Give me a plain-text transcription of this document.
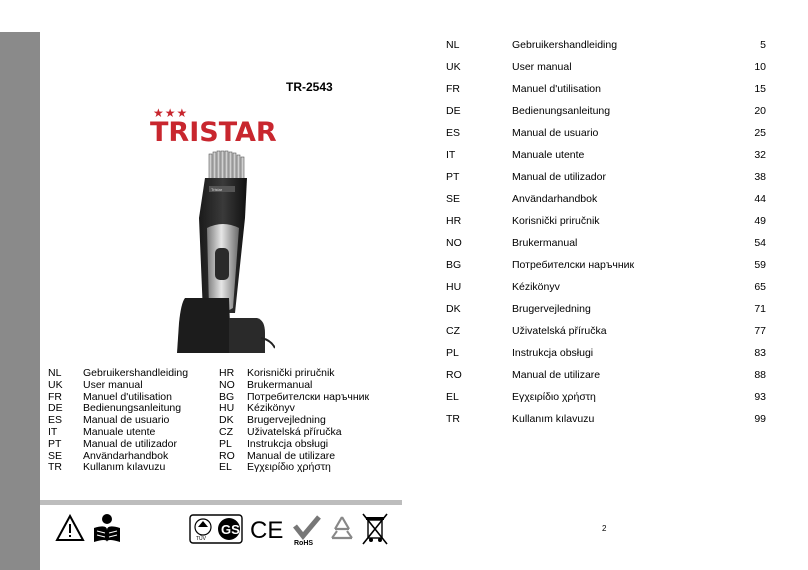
TR-2543
★★★
TRISTAR
Tristar
NL	Gebruikershandleiding	HR	Korisnički priručnik
UK	User manual	NO	Brukermanual
FR	Manuel d'utilisation	BG	Потребителски наръчник
DE	Bedienungsanleitung	HU	Kézikönyv
ES	Manual de usuario	DK	Brugervejledning
IT	Manuale utente	CZ	Uživatelská příručka
PT	Manual de utilizador	PL	Instrukcja obsługi
SE	Användarhandbok	RO	Manual de utilizare
TR	Kullanım kılavuzu	EL	Εγχειρίδιο χρήστη
TÜV
GS CE RoHS
NL	Gebruikershandleiding	5
UK	User manual	10
FR	Manuel d'utilisation	15
DE	Bedienungsanleitung	20
ES	Manual de usuario	25
IT	Manuale utente	32
PT	Manual de utilizador	38
SE	Användarhandbok	44
HR	Korisnički priručnik	49
NO	Brukermanual	54
BG	Потребителски наръчник	59
HU	Kézikönyv	65
DK	Brugervejledning	71
CZ	Uživatelská příručka	77
PL	Instrukcja obsługi	83
RO	Manual de utilizare	88
EL	Εγχειρίδιο χρήστη	93
TR	Kullanım kılavuzu	99
2
